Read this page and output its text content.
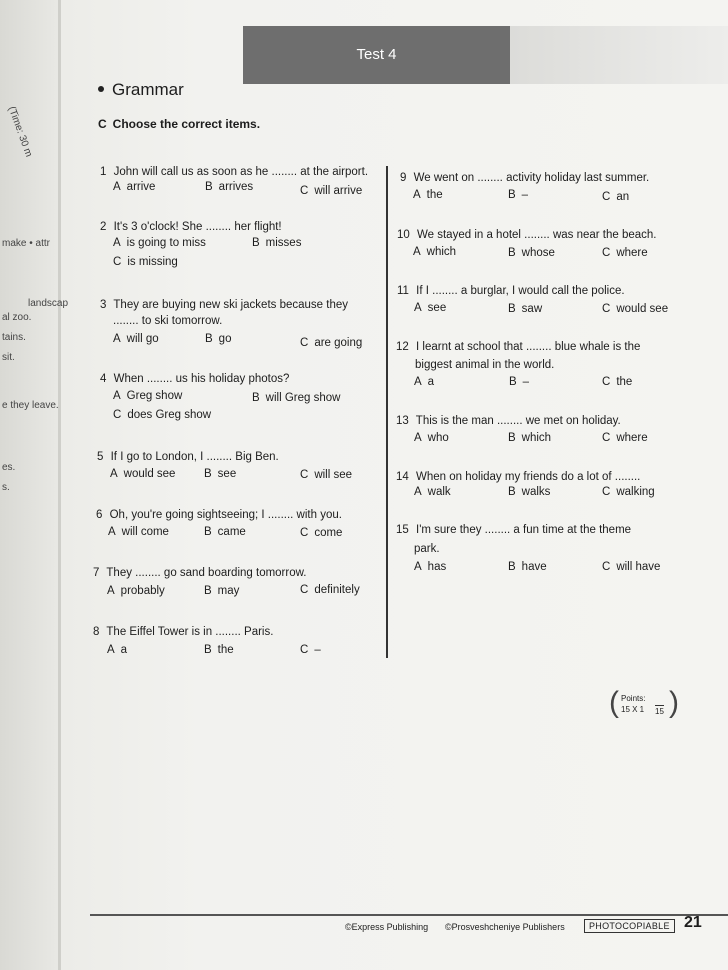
(Time: 30 m
make • attr
landscap
al zoo.
tains.
sit.
e they leave.
es.
s.
Test 4
Grammar
C Choose the correct items.
1 John will call us as soon as he ........ at the airport.
A arrive	B arrives	C will arrive
2 It's 3 o'clock! She ........ her flight!
A is going to miss	B misses
C is missing
3 They are buying new ski jackets because they
........ to ski tomorrow.
A will go	B go	C are going
4 When ........ us his holiday photos?
A Greg show	B will Greg show
C does Greg show
5 If I go to London, I ........ Big Ben.
A would see B see	C will see
6 Oh, you're going sightseeing; I ........ with you.
A will come	B came	C come
7 They ........ go sand boarding tomorrow.
A probably	B may	C definitely
8 The Eiffel Tower is in ........ Paris.
A a	B the	C –
9 We went on ........ activity holiday last summer.
A the	B –	C an
10 We stayed in a hotel ........ was near the beach.
A which	B whose	C where
11 If I ........ a burglar, I would call the police.
A see	B saw	C would see
12 I learnt at school that ........ blue whale is the
biggest animal in the world.
A a	B –	C the
13 This is the man ........ we met on holiday.
A who	B which	C where
14 When on holiday my friends do a lot of ........
A walk	B walks	C walking
15 I'm sure they ........ a fun time at the theme
park.
A has	B have	C will have
( Points:
15 X 1 15 )
©Express Publishing ©Prosveshcheniye Publishers	PHOTOCOPIABLE 21
